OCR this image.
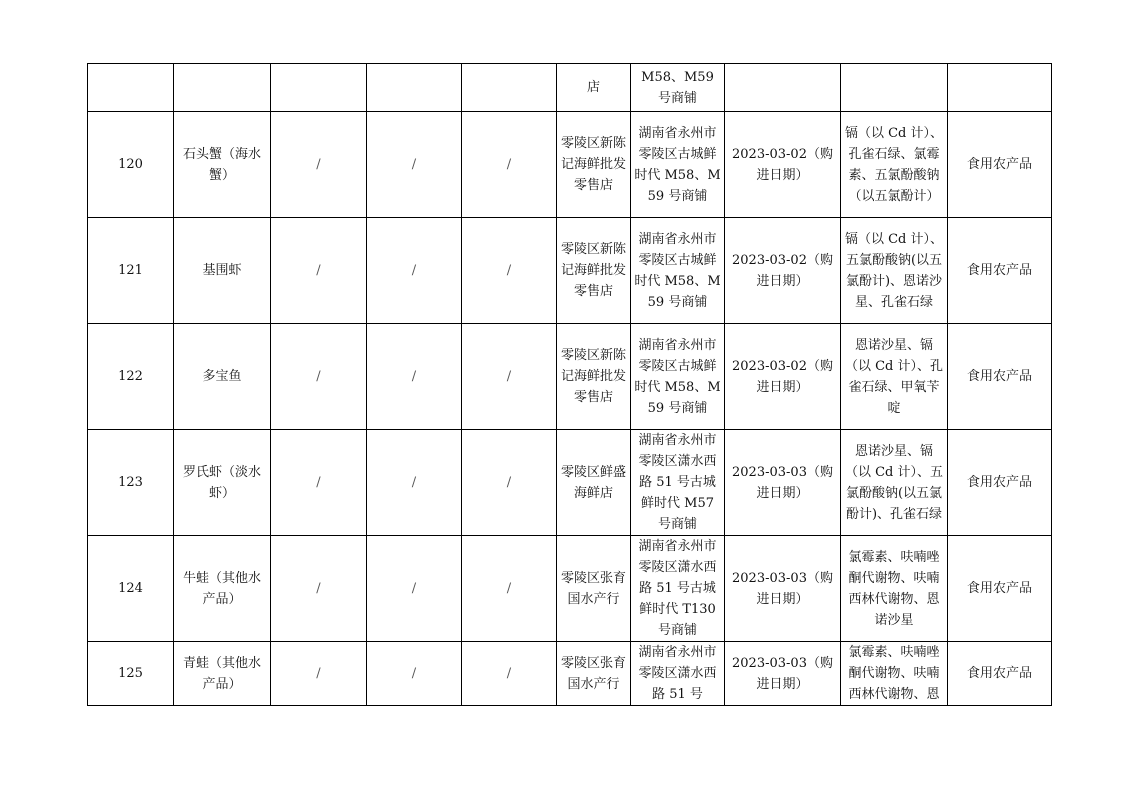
					店	M58、M59 号商铺			
120	石头蟹（海水蟹）	/	/	/	零陵区新陈记海鲜批发零售店	湖南省永州市零陵区古城鲜时代 M58、M59 号商铺	2023-03-02（购进日期）	镉（以 Cd 计）、孔雀石绿、氯霉素、五氯酚酸钠（以五氯酚计）	食用农产品
121	基围虾	/	/	/	零陵区新陈记海鲜批发零售店	湖南省永州市零陵区古城鲜时代 M58、M59 号商铺	2023-03-02（购进日期）	镉（以 Cd 计）、五氯酚酸钠(以五氯酚计)、恩诺沙星、孔雀石绿	食用农产品
122	多宝鱼	/	/	/	零陵区新陈记海鲜批发零售店	湖南省永州市零陵区古城鲜时代 M58、M59 号商铺	2023-03-02（购进日期）	恩诺沙星、镉（以 Cd 计）、孔雀石绿、甲氧苄啶	食用农产品
123	罗氏虾（淡水虾）	/	/	/	零陵区鲜盛海鲜店	湖南省永州市零陵区潇水西路 51 号古城鲜时代 M57 号商铺	2023-03-03（购进日期）	恩诺沙星、镉（以 Cd 计）、五氯酚酸钠(以五氯酚计)、孔雀石绿	食用农产品
124	牛蛙（其他水产品）	/	/	/	零陵区张育国水产行	湖南省永州市零陵区潇水西路 51 号古城鲜时代 T130 号商铺	2023-03-03（购进日期）	氯霉素、呋喃唑酮代谢物、呋喃西林代谢物、恩诺沙星	食用农产品
125	青蛙（其他水产品）	/	/	/	零陵区张育国水产行	湖南省永州市零陵区潇水西路 51 号	2023-03-03（购进日期）	氯霉素、呋喃唑酮代谢物、呋喃西林代谢物、恩	食用农产品
